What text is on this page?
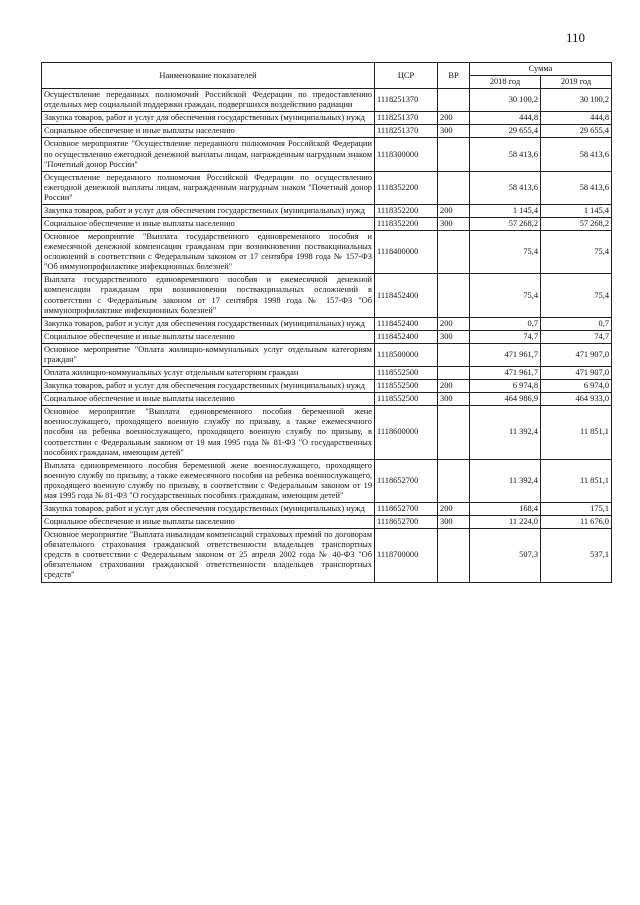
110
Наименование показателей	ЦСР	ВР	Сумма	
			2018 год	2019 год
Осуществление переданных полномочий Российской Федерации по предоставлению отдельных мер социальной поддержки граждан, подвергшихся воздействию радиации	1118251370		30 100,2	30 100,2
Закупка товаров, работ и услуг для обеспечения государственных (муниципальных) нужд	1118251370	200	444,8	444,8
Социальное обеспечение и иные выплаты населению	1118251370	300	29 655,4	29 655,4
Основное мероприятие "Осуществление переданного полномочия Российской Федерации по осуществлению ежегодной денежной выплаты лицам, награжденным нагрудным знаком "Почетный донор России"	1118300000		58 413,6	58 413,6
Осуществление переданного полномочия Российской Федерации по осуществлению ежегодной денежной выплаты лицам, награжденным нагрудным знаком "Почетный донор России"	1118352200		58 413,6	58 413,6
Закупка товаров, работ и услуг для обеспечения государственных (муниципальных) нужд	1118352200	200	1 145,4	1 145,4
Социальное обеспечение и иные выплаты населению	1118352200	300	57 268,2	57 268,2
Основное мероприятие "Выплата государственного единовременного пособия и ежемесячной денежной компенсации гражданам при возникновении поствакцинальных осложнений в соответствии с Федеральным законом от 17 сентября 1998 года № 157-ФЗ "Об иммунопрофилактике инфекционных болезней"	1118400000		75,4	75,4
Выплата государственного единовременного пособия и ежемесячной денежной компенсации гражданам при возникновении поствакцинальных осложнений в соответствии с Федеральным законом от 17 сентября 1998 года № 157-ФЗ "Об иммунопрофилактике инфекционных болезней"	1118452400		75,4	75,4
Закупка товаров, работ и услуг для обеспечения государственных (муниципальных) нужд	1118452400	200	0,7	0,7
Социальное обеспечение и иные выплаты населению	1118452400	300	74,7	74,7
Основное мероприятие "Оплата жилищно-коммунальных услуг отдельным категориям граждан"	1118500000		471 961,7	471 907,0
Оплата жилищно-коммунальных услуг отдельным категориям граждан	1118552500		471 961,7	471 907,0
Закупка товаров, работ и услуг для обеспечения государственных (муниципальных) нужд	1118552500	200	6 974,8	6 974,0
Социальное обеспечение и иные выплаты населению	1118552500	300	464 986,9	464 933,0
Основное мероприятие "Выплата единовременного пособия беременной жене военнослужащего, проходящего военную службу по призыву, а также ежемесячного пособия на ребенка военнослужащего, проходящего военную службу по призыву, в соответствии с Федеральным законом от 19 мая 1995 года № 81-ФЗ "О государственных пособиях гражданам, имеющим детей"	1118600000		11 392,4	11 851,1
Выплата единовременного пособия беременной жене военнослужащего, проходящего военную службу по призыву, а также ежемесячного пособия на ребенка военнослужащего, проходящего военную службу по призыву, в соответствии с Федеральным законом от 19 мая 1995 года № 81-ФЗ "О государственных пособиях гражданам, имеющим детей"	1118652700		11 392,4	11 851,1
Закупка товаров, работ и услуг для обеспечения государственных (муниципальных) нужд	1118652700	200	168,4	175,1
Социальное обеспечение и иные выплаты населению	1118652700	300	11 224,0	11 676,0
Основное мероприятие "Выплата инвалидам компенсаций страховых премий по договорам обязательного страхования гражданской ответственности владельцев транспортных средств в соответствии с Федеральным законом от 25 апреля 2002 года № 40-ФЗ "Об обязательном страховании гражданской ответственности владельцев транспортных средств"	1118700000		507,3	537,1
